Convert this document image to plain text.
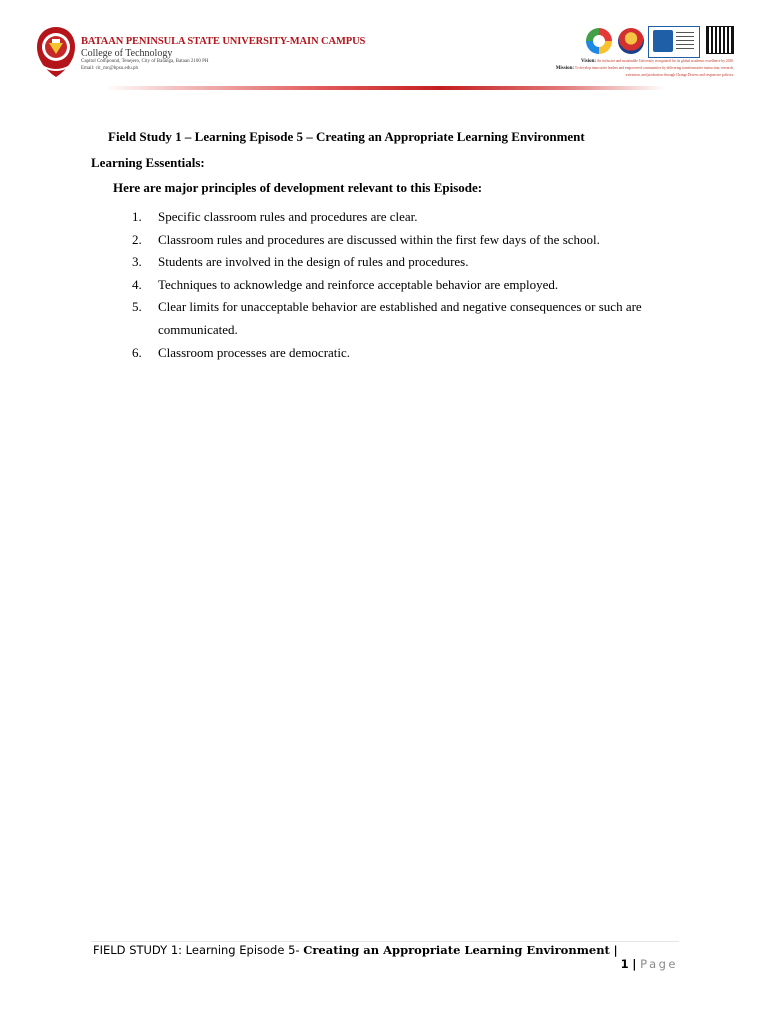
BATAAN PENINSULA STATE UNIVERSITY-MAIN CAMPUS
College of Technology
Capitol Compound, Tenejero, City of Balanga, Bataan 2100 PH
Email: cit_mc@bpsu.edu.ph
Vision: An inclusive and sustainable University recognized for its global academic excellence by 2030.
Mission: To develop innovative leaders and empowered communities by delivering transformative instruction, research, extension, and production through Change Drivers and responsive policies.
Field Study 1 – Learning Episode 5 – Creating an Appropriate Learning Environment
Learning Essentials:
Here are major principles of development relevant to this Episode:
1.	Specific classroom rules and procedures are clear.
2.	Classroom rules and procedures are discussed within the first few days of the school.
3.	Students are involved in the design of rules and procedures.
4.	Techniques to acknowledge and reinforce acceptable behavior are employed.
5.	Clear limits for unacceptable behavior are established and negative consequences or such are communicated.
6.	Classroom processes are democratic.
FIELD STUDY 1: Learning Episode 5- Creating an Appropriate Learning Environment |
1 | Page
